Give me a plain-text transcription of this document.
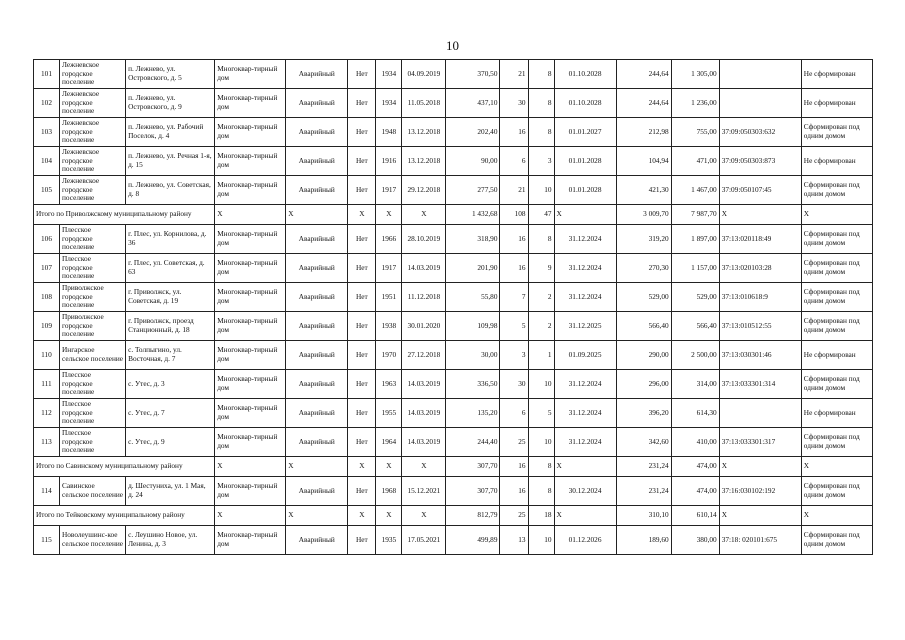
10
101	Лежневское городское поселение	п. Лежнево, ул. Островского, д. 5	Многоквар-тирный дом	Аварийный	Нет	1934	04.09.2019	370,50	21	8	01.10.2028	244,64	1 305,00		Не сформирован
102	Лежневское городское поселение	п. Лежнево, ул. Островского, д. 9	Многоквар-тирный дом	Аварийный	Нет	1934	11.05.2018	437,10	30	8	01.10.2028	244,64	1 236,00		Не сформирован
103	Лежневское городское поселение	п. Лежнево, ул. Рабочий Поселок, д. 4	Многоквар-тирный дом	Аварийный	Нет	1948	13.12.2018	202,40	16	8	01.01.2027	212,98	755,00	37:09:050303:632	Сформирован под одним домом
104	Лежневское городское поселение	п. Лежнево, ул. Речная 1-я, д. 15	Многоквар-тирный дом	Аварийный	Нет	1916	13.12.2018	90,00	6	3	01.01.2028	104,94	471,00	37:09:050303:873	Не сформирован
105	Лежневское городское поселение	п. Лежнево, ул. Советская, д. 8	Многоквар-тирный дом	Аварийный	Нет	1917	29.12.2018	277,50	21	10	01.01.2028	421,30	1 467,00	37:09:050107:45	Сформирован под одним домом
Итого по Приволжскому муниципальному району			X	X	X	X	X	1 432,68	108	47	X	3 009,70	7 987,70	X	X
106	Плесское городское поселение	г. Плес, ул. Корнилова, д. 36	Многоквар-тирный дом	Аварийный	Нет	1966	28.10.2019	318,90	16	8	31.12.2024	319,20	1 897,00	37:13:020118:49	Сформирован под одним домом
107	Плесское городское поселение	г. Плес, ул. Советская, д. 63	Многоквар-тирный дом	Аварийный	Нет	1917	14.03.2019	201,90	16	9	31.12.2024	270,30	1 157,00	37:13:020103:28	Сформирован под одним домом
108	Приволжское городское поселение	г. Приволжск, ул. Советская, д. 19	Многоквар-тирный дом	Аварийный	Нет	1951	11.12.2018	55,80	7	2	31.12.2024	529,00	529,00	37:13:010618:9	Сформирован под одним домом
109	Приволжское городское поселение	г. Приволжск, проезд Станционный, д. 18	Многоквар-тирный дом	Аварийный	Нет	1938	30.01.2020	109,98	5	2	31.12.2025	566,40	566,40	37:13:010512:55	Сформирован под одним домом
110	Ингарское сельское поселение	с. Толпыгино, ул. Восточная, д. 7	Многоквар-тирный дом	Аварийный	Нет	1970	27.12.2018	30,00	3	1	01.09.2025	290,00	2 500,00	37:13:030301:46	Не сформирован
111	Плесское городское поселение	с. Утес, д. 3	Многоквар-тирный дом	Аварийный	Нет	1963	14.03.2019	336,50	30	10	31.12.2024	296,00	314,00	37:13:033301:314	Сформирован под одним домом
112	Плесское городское поселение	с. Утес, д. 7	Многоквар-тирный дом	Аварийный	Нет	1955	14.03.2019	135,20	6	5	31.12.2024	396,20	614,30		Не сформирован
113	Плесское городское поселение	с. Утес, д. 9	Многоквар-тирный дом	Аварийный	Нет	1964	14.03.2019	244,40	25	10	31.12.2024	342,60	410,00	37:13:033301:317	Сформирован под одним домом
Итого по Савинскому муниципальному району			X	X	X	X	X	307,70	16	8	X	231,24	474,00	X	X
114	Савинское сельское поселение	д. Шестунихa, ул. 1 Мая, д. 24	Многоквар-тирный дом	Аварийный	Нет	1968	15.12.2021	307,70	16	8	30.12.2024	231,24	474,00	37:16:030102:192	Сформирован под одним домом
Итого по Тейковскому муниципальному району			X	X	X	X	X	812,79	25	18	X	310,10	610,14	X	X
115	Новолеушинс-кое сельское поселение	с. Леушино Новое, ул. Ленина, д. 3	Многоквар-тирный дом	Аварийный	Нет	1935	17.05.2021	499,89	13	10	01.12.2026	189,60	380,00	37:18: 020101:675	Сформирован под одним домом
